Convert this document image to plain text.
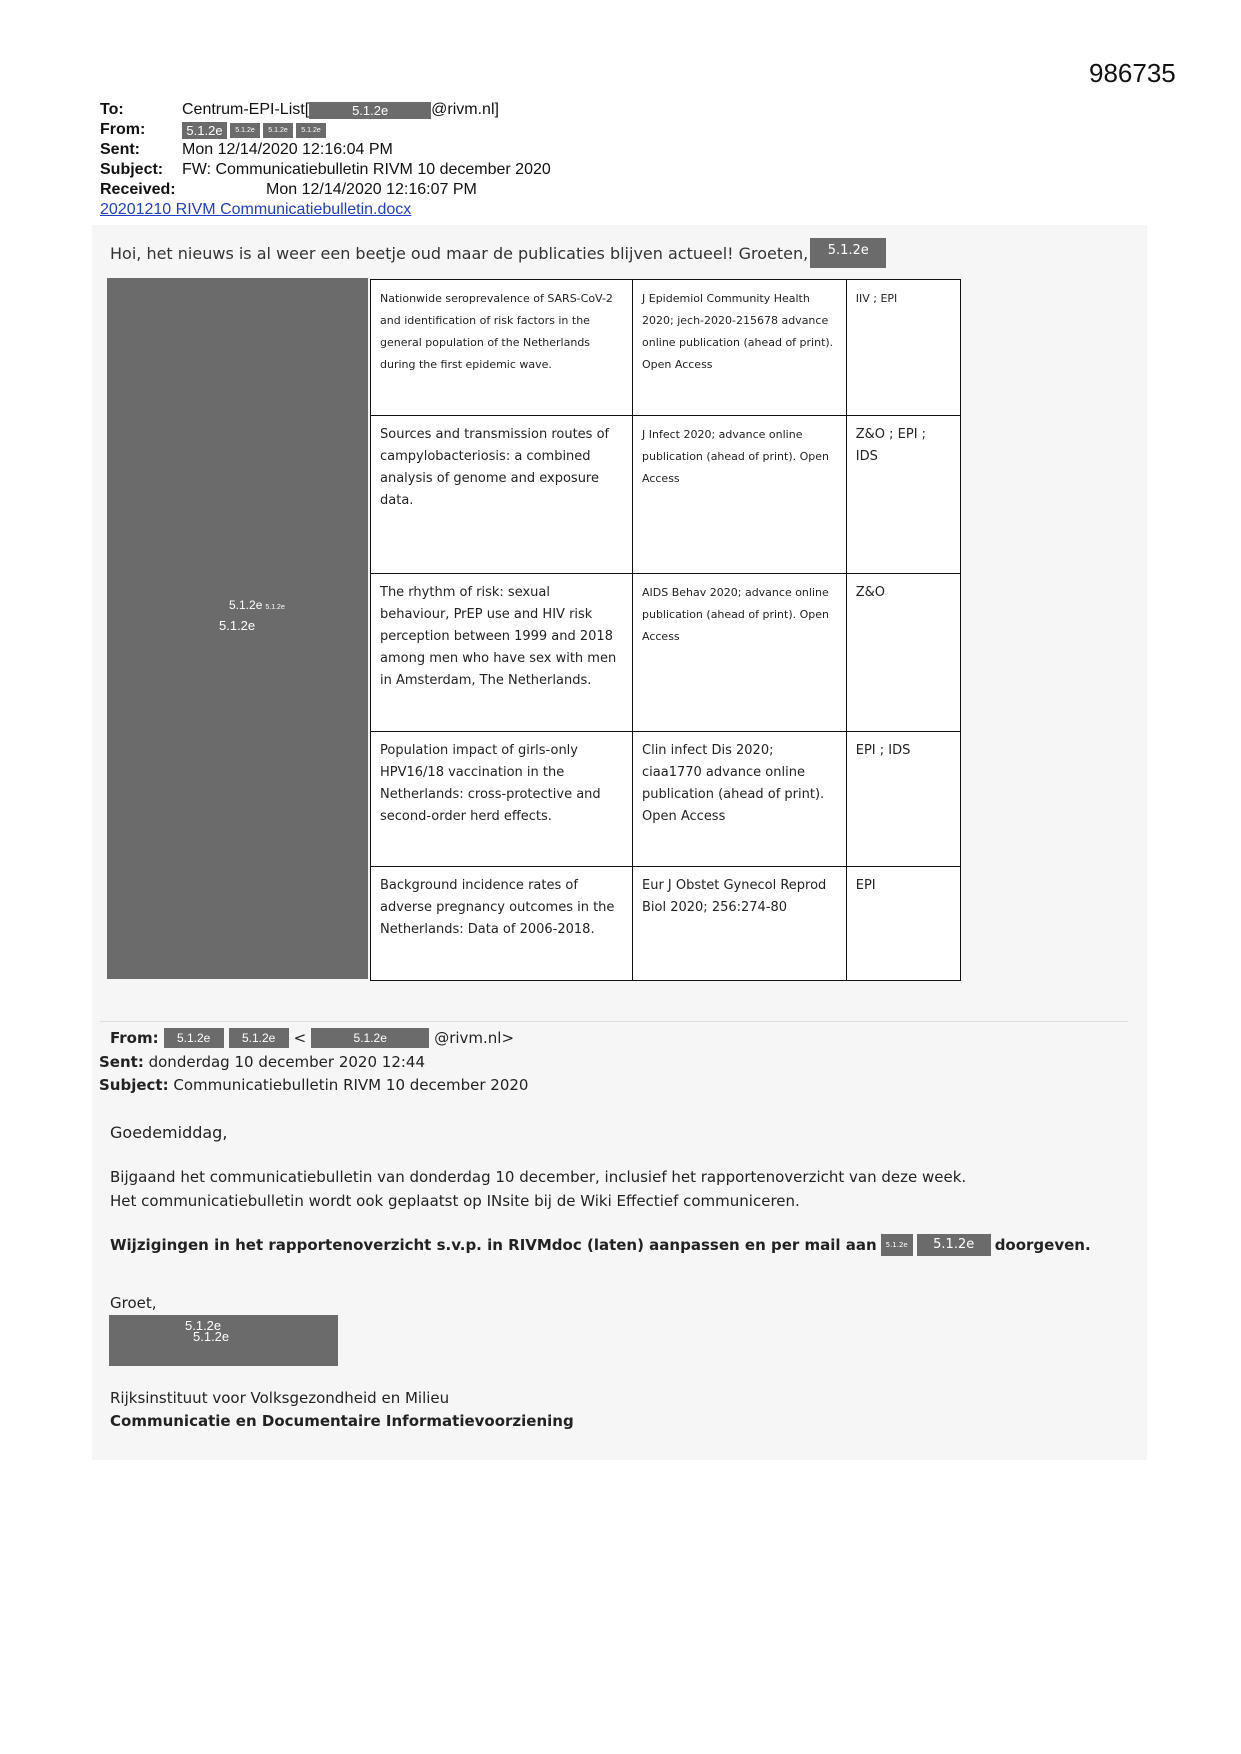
986735
To:	Centrum-EPI-List[	5.1.2e	@rivm.nl]
From:	5.1.2e	5.1.2e	5.1.2e	5.1.2e
Sent:	Mon 12/14/2020 12:16:04 PM
Subject:	FW: Communicatiebulletin RIVM 10 december 2020
Received:	Mon 12/14/2020 12:16:07 PM
20201210 RIVM Communicatiebulletin.docx
Hoi, het nieuws is al weer een beetje oud maar de publicaties blijven actueel! Groeten,	5.1.2e
5.1.2e 5.1.2e
5.1.2e
Nationwide seroprevalence of SARS-CoV-2 and identification of risk factors in the general population of the Netherlands during the first epidemic wave.	J Epidemiol Community Health 2020; jech-2020-215678 advance online publication (ahead of print). Open Access	IIV ; EPI
Sources and transmission routes of campylobacteriosis: a combined analysis of genome and exposure data.	J Infect 2020; advance online publication (ahead of print). Open Access	Z&O ; EPI ; IDS
The rhythm of risk: sexual behaviour, PrEP use and HIV risk perception between 1999 and 2018 among men who have sex with men in Amsterdam, The Netherlands.	AIDS Behav 2020; advance online publication (ahead of print). Open Access	Z&O
Population impact of girls-only HPV16/18 vaccination in the Netherlands: cross-protective and second-order herd effects.	Clin infect Dis 2020; ciaa1770 advance online publication (ahead of print). Open Access	EPI ; IDS
Background incidence rates of adverse pregnancy outcomes in the Netherlands: Data of 2006-2018.	Eur J Obstet Gynecol Reprod Biol 2020; 256:274-80	EPI
From:	5.1.2e	5.1.2e	<	5.1.2e	@rivm.nl>
Sent: donderdag 10 december 2020 12:44
Subject: Communicatiebulletin RIVM 10 december 2020
Goedemiddag,
Bijgaand het communicatiebulletin van donderdag 10 december, inclusief het rapportenoverzicht van deze week.
Het communicatiebulletin wordt ook geplaatst op INsite bij de Wiki Effectief communiceren.
Wijzigingen in het rapportenoverzicht s.v.p. in RIVMdoc (laten) aanpassen en per mail aan	5.1.2e	5.1.2e	doorgeven.
Groet,
5.1.2e
5.1.2e
Rijksinstituut voor Volksgezondheid en Milieu
Communicatie en Documentaire Informatievoorziening
